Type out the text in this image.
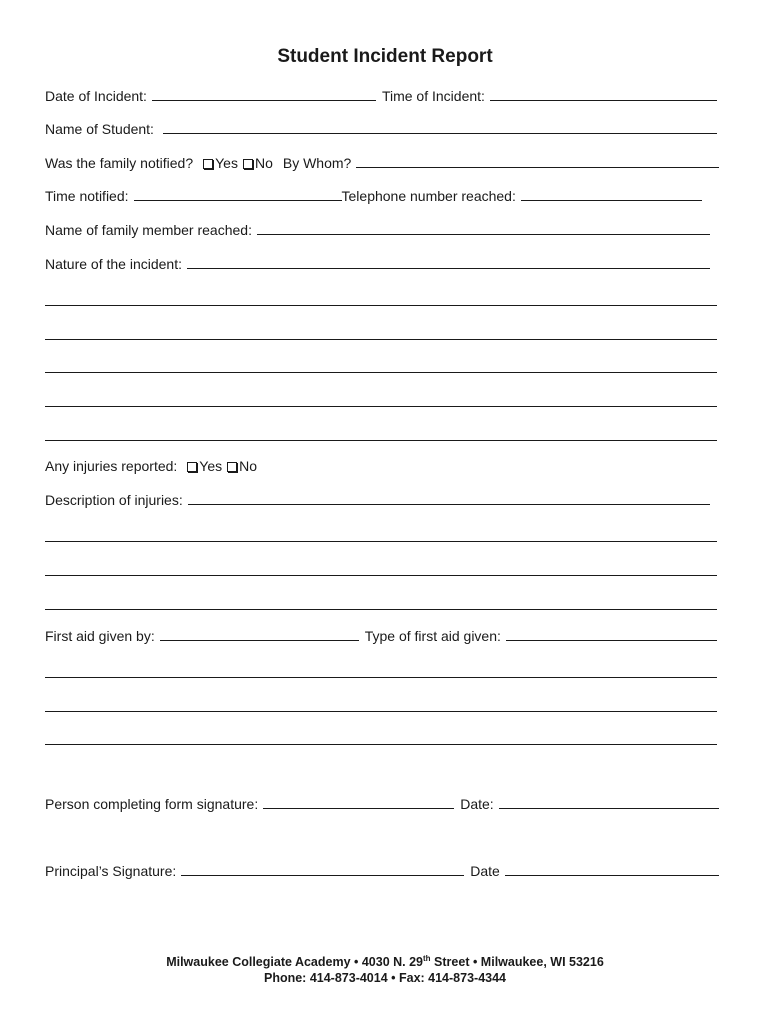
Student Incident Report
Date of Incident:	Time of Incident:
Name of Student:
Was the family notified? Yes No By Whom?
Time notified:	Telephone number reached:
Name of family member reached:
Nature of the incident:
Any injuries reported: Yes No
Description of injuries:
First aid given by:	Type of first aid given:
Person completing form signature:	Date:
Principal’s Signature:	Date
Milwaukee Collegiate Academy • 4030 N. 29th Street • Milwaukee, WI 53216
Phone: 414-873-4014 • Fax: 414-873-4344
